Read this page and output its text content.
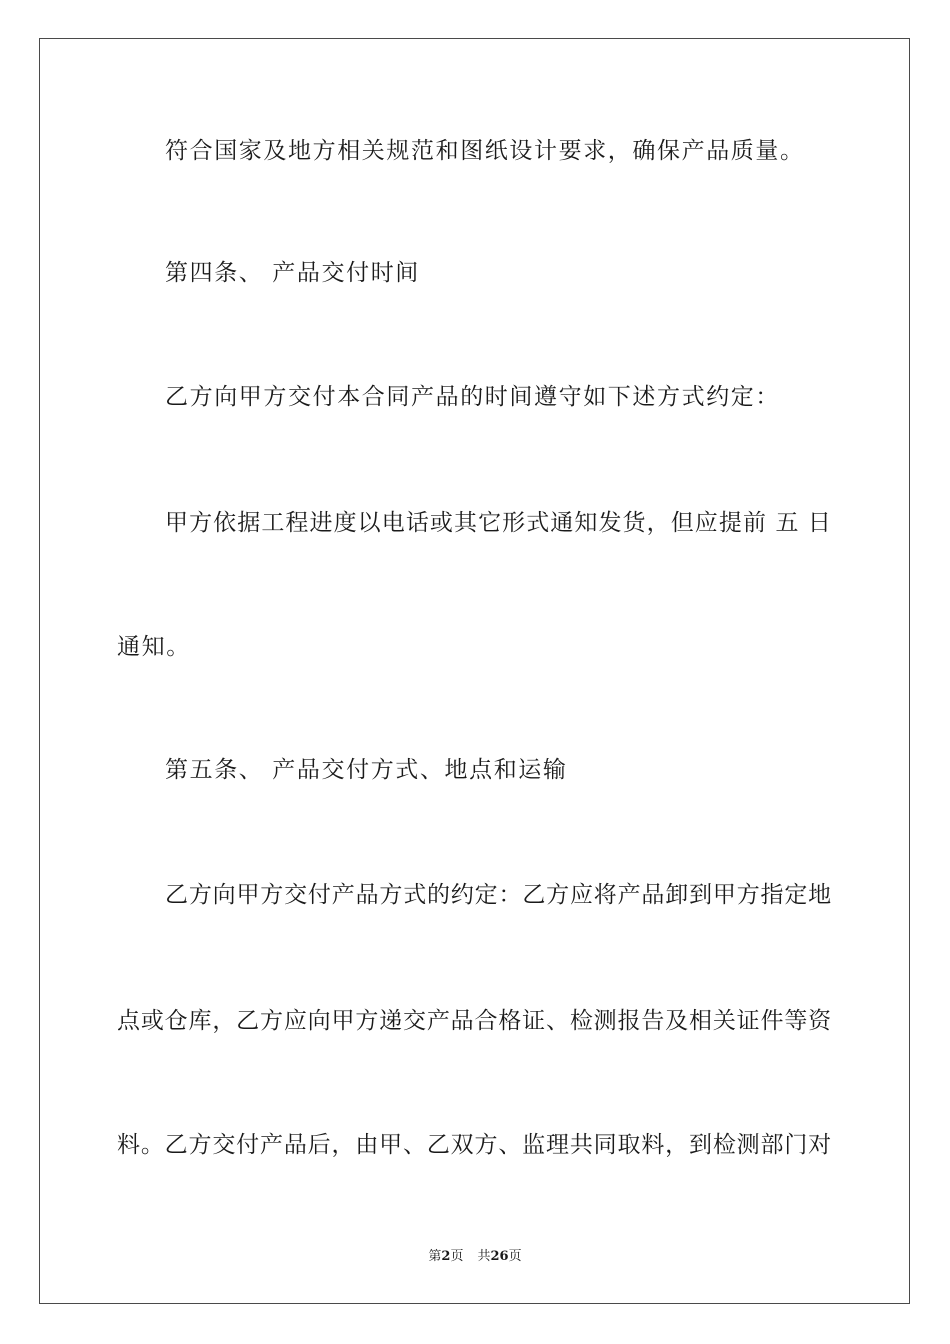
符合国家及地方相关规范和图纸设计要求，确保产品质量。
第四条、 产品交付时间
乙方向甲方交付本合同产品的时间遵守如下述方式约定：
甲方依据工程进度以电话或其它形式通知发货，但应提前 五 日
通知。
第五条、 产品交付方式、地点和运输
乙方向甲方交付产品方式的约定：乙方应将产品卸到甲方指定地
点或仓库，乙方应向甲方递交产品合格证、检测报告及相关证件等资
料。乙方交付产品后，由甲、乙双方、监理共同取料，到检测部门对
第2页 共26页
